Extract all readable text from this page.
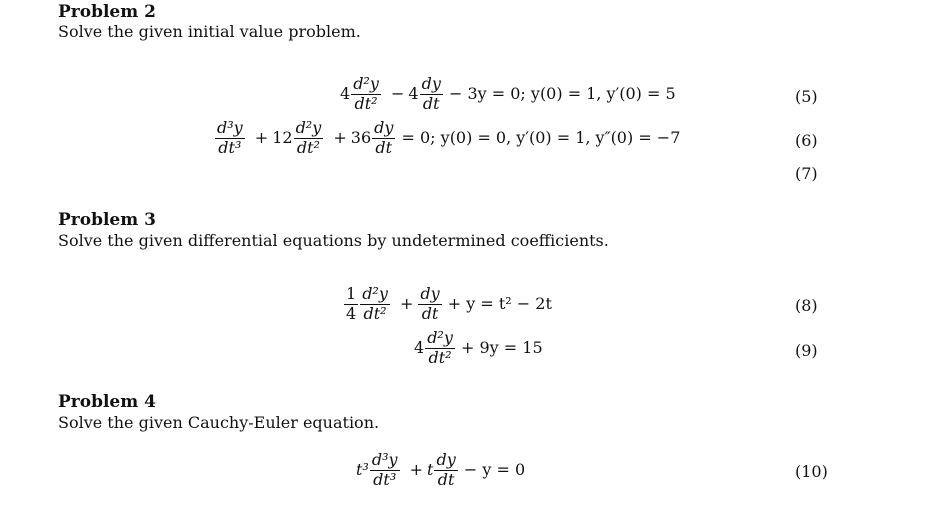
Problem 2
Solve the given initial value problem.
$4 \frac{\text{d²y}}{\text{dt²}} - 4 \frac{dy}{dt} - 3y = 0$; y(0) = 1, y′(0) = 5	(5)
$\frac{\text{d³y}}{\text{dt³}} + 12 \frac{\text{d²y}}{\text{dt²}} + 36 \frac{dy}{dt} = 0$; y(0) = 0, y′(0) = 1, y″(0) = −7	(6)
(7)
Problem 3
Solve the given differential equations by undetermined coefficients.
$\frac{1}{4} \frac{\text{d²y}}{\text{dt²}} + \frac{dy}{dt} + y = t^2 - 2t$	(8)
$4 \frac{\text{d²y}}{\text{dt²}} + 9y = 15$	(9)
Problem 4
Solve the given Cauchy-Euler equation.
$t^3 \frac{\text{d³y}}{\text{dt³}} + t \frac{dy}{dt} - y = 0$	(10)
